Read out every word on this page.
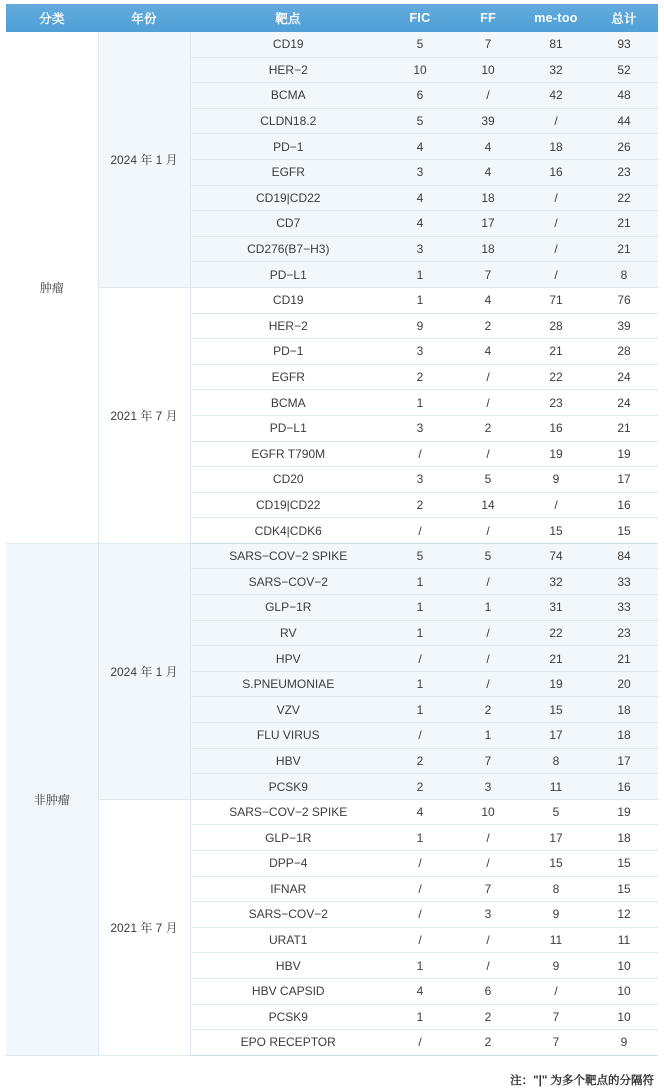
分类	年份	靶点	FIC	FF	me-too	总计
肿瘤	2024 年 1 月	CD19	5	7	81	93
		HER−2	10	10	32	52
		BCMA	6	/	42	48
		CLDN18.2	5	39	/	44
		PD−1	4	4	18	26
		EGFR	3	4	16	23
		CD19|CD22	4	18	/	22
		CD7	4	17	/	21
		CD276(B7−H3)	3	18	/	21
		PD−L1	1	7	/	8
	2021 年 7 月	CD19	1	4	71	76
		HER−2	9	2	28	39
		PD−1	3	4	21	28
		EGFR	2	/	22	24
		BCMA	1	/	23	24
		PD−L1	3	2	16	21
		EGFR T790M	/	/	19	19
		CD20	3	5	9	17
		CD19|CD22	2	14	/	16
		CDK4|CDK6	/	/	15	15
非肿瘤	2024 年 1 月	SARS−COV−2 SPIKE	5	5	74	84
		SARS−COV−2	1	/	32	33
		GLP−1R	1	1	31	33
		RV	1	/	22	23
		HPV	/	/	21	21
		S.PNEUMONIAE	1	/	19	20
		VZV	1	2	15	18
		FLU VIRUS	/	1	17	18
		HBV	2	7	8	17
		PCSK9	2	3	11	16
	2021 年 7 月	SARS−COV−2 SPIKE	4	10	5	19
		GLP−1R	1	/	17	18
		DPP−4	/	/	15	15
		IFNAR	/	7	8	15
		SARS−COV−2	/	3	9	12
		URAT1	/	/	11	11
		HBV	1	/	9	10
		HBV CAPSID	4	6	/	10
		PCSK9	1	2	7	10
		EPO RECEPTOR	/	2	7	9
注："|" 为多个靶点的分隔符
